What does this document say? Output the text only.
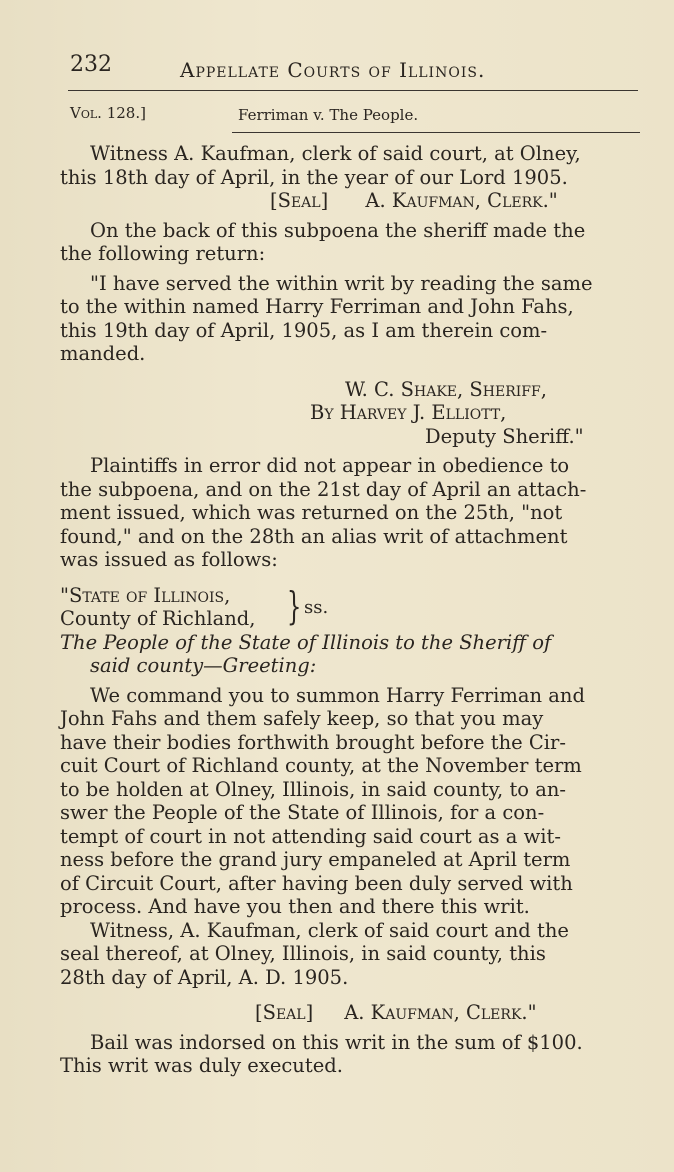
232	Appellate Courts of Illinois.
Vol. 128.]	Ferriman v. The People.
Witness A. Kaufman, clerk of said court, at Olney,
this 18th day of April, in the year of our Lord 1905.
[Seal] A. Kaufman, Clerk."
On the back of this subpoena the sheriff made the
the following return:
"I have served the within writ by reading the same
to the within named Harry Ferriman and John Fahs,
this 19th day of April, 1905, as I am therein com-
manded.
W. C. Shake, Sheriff,
By Harvey J. Elliott,
Deputy Sheriff."
Plaintiffs in error did not appear in obedience to
the subpoena, and on the 21st day of April an attach-
ment issued, which was returned on the 25th, "not
found," and on the 28th an alias writ of attachment
was issued as follows:
"State of Illinois,
County of Richland, } ss.
The People of the State of Illinois to the Sheriff of
said county—Greeting:
We command you to summon Harry Ferriman and
John Fahs and them safely keep, so that you may
have their bodies forthwith brought before the Cir-
cuit Court of Richland county, at the November term
to be holden at Olney, Illinois, in said county, to an-
swer the People of the State of Illinois, for a con-
tempt of court in not attending said court as a wit-
ness before the grand jury empaneled at April term
of Circuit Court, after having been duly served with
process. And have you then and there this writ.
Witness, A. Kaufman, clerk of said court and the
seal thereof, at Olney, Illinois, in said county, this
28th day of April, A. D. 1905.
[Seal] A. Kaufman, Clerk."
Bail was indorsed on this writ in the sum of $100.
This writ was duly executed.
